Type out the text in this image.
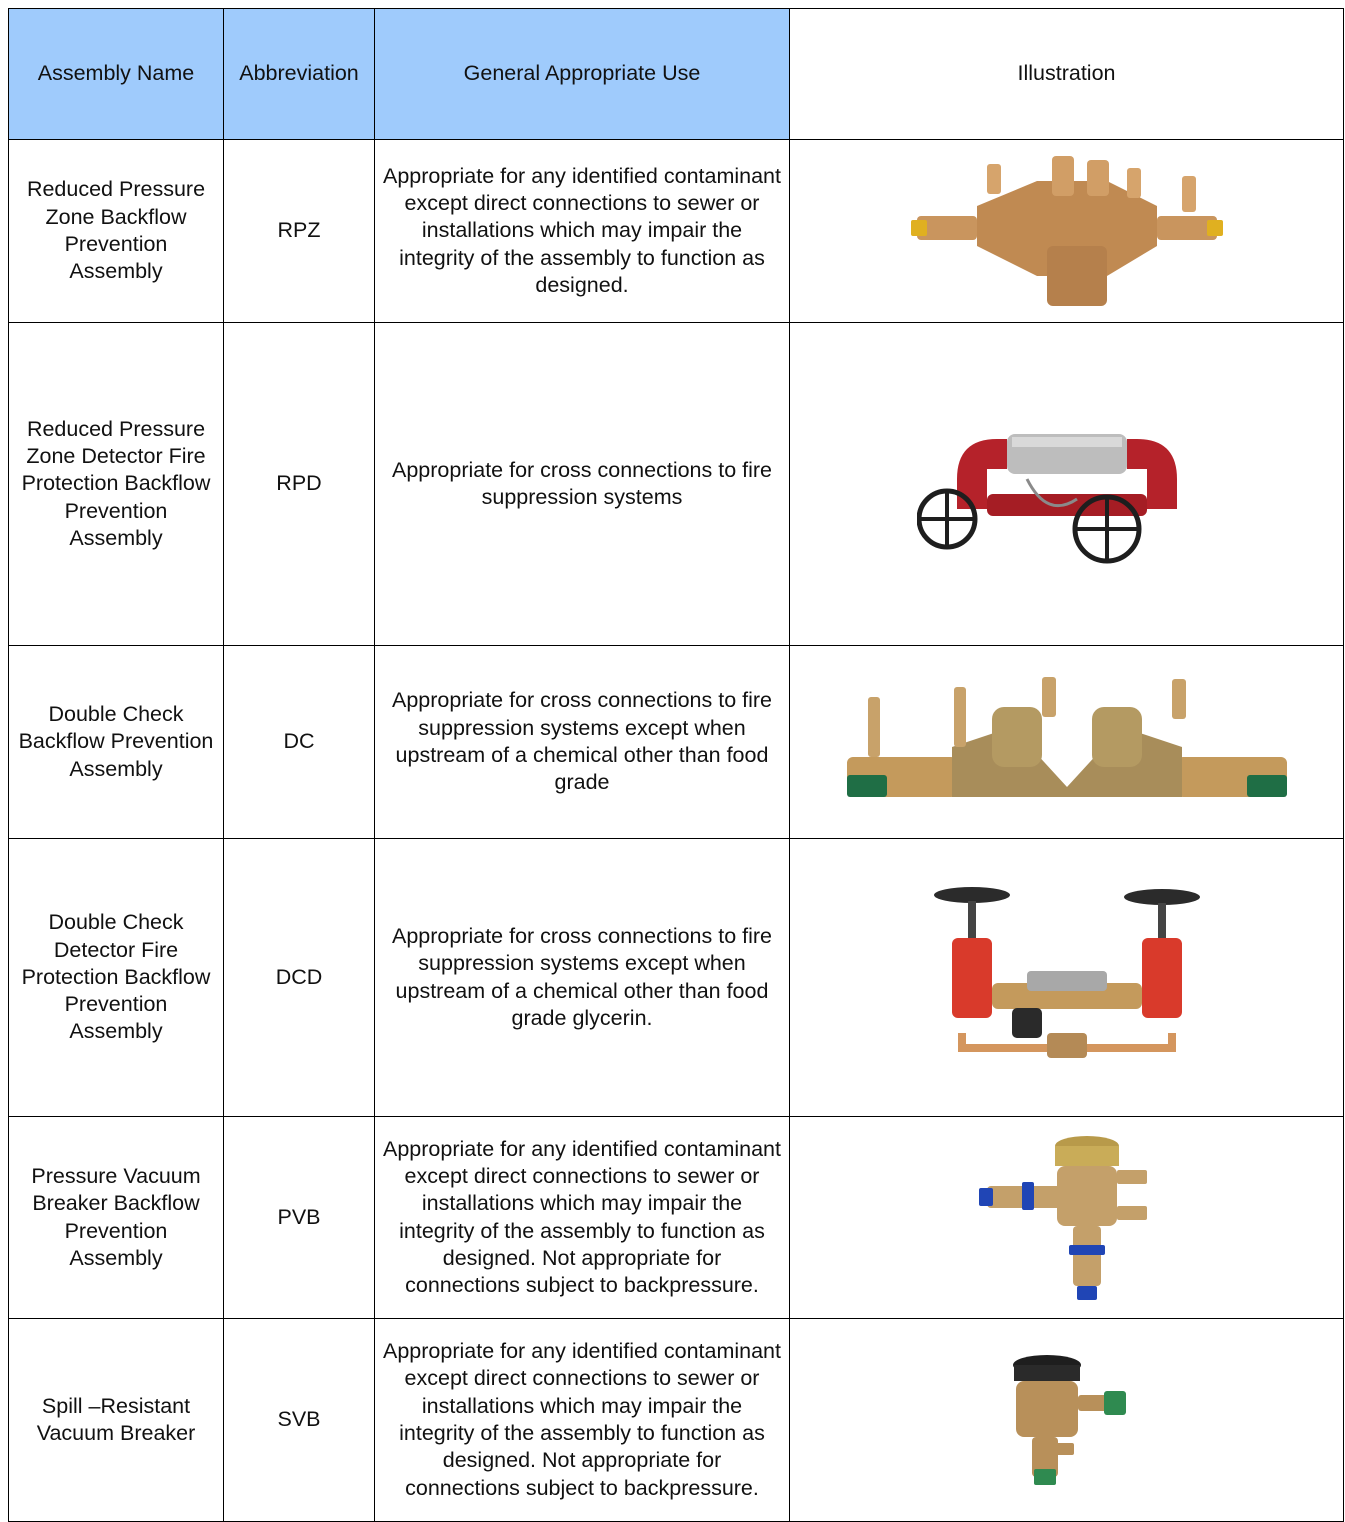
Assembly Name	Abbreviation	General Appropriate Use	Illustration
Reduced Pressure Zone Backflow Prevention Assembly	RPZ	Appropriate for any identified contaminant except direct connections to sewer or installations which may impair the integrity of the assembly to function as designed.	

Reduced Pressure Zone Detector Fire Protection Backflow Prevention Assembly	RPD	Appropriate for cross connections to fire suppression systems	

Double Check Backflow Prevention Assembly	DC	Appropriate for cross connections to fire suppression systems except when upstream of a chemical other than food grade	

Double Check Detector Fire Protection Backflow Prevention Assembly	DCD	Appropriate for cross connections to fire suppression systems except when upstream of a chemical other than food grade glycerin.	

Pressure Vacuum Breaker Backflow Prevention Assembly	PVB	Appropriate for any identified contaminant except direct connections to sewer or installations which may impair the integrity of the assembly to function as designed. Not appropriate for connections subject to backpressure.	

Spill –Resistant Vacuum Breaker	SVB	Appropriate for any identified contaminant except direct connections to sewer or installations which may impair the integrity of the assembly to function as designed. Not appropriate for connections subject to backpressure.	
